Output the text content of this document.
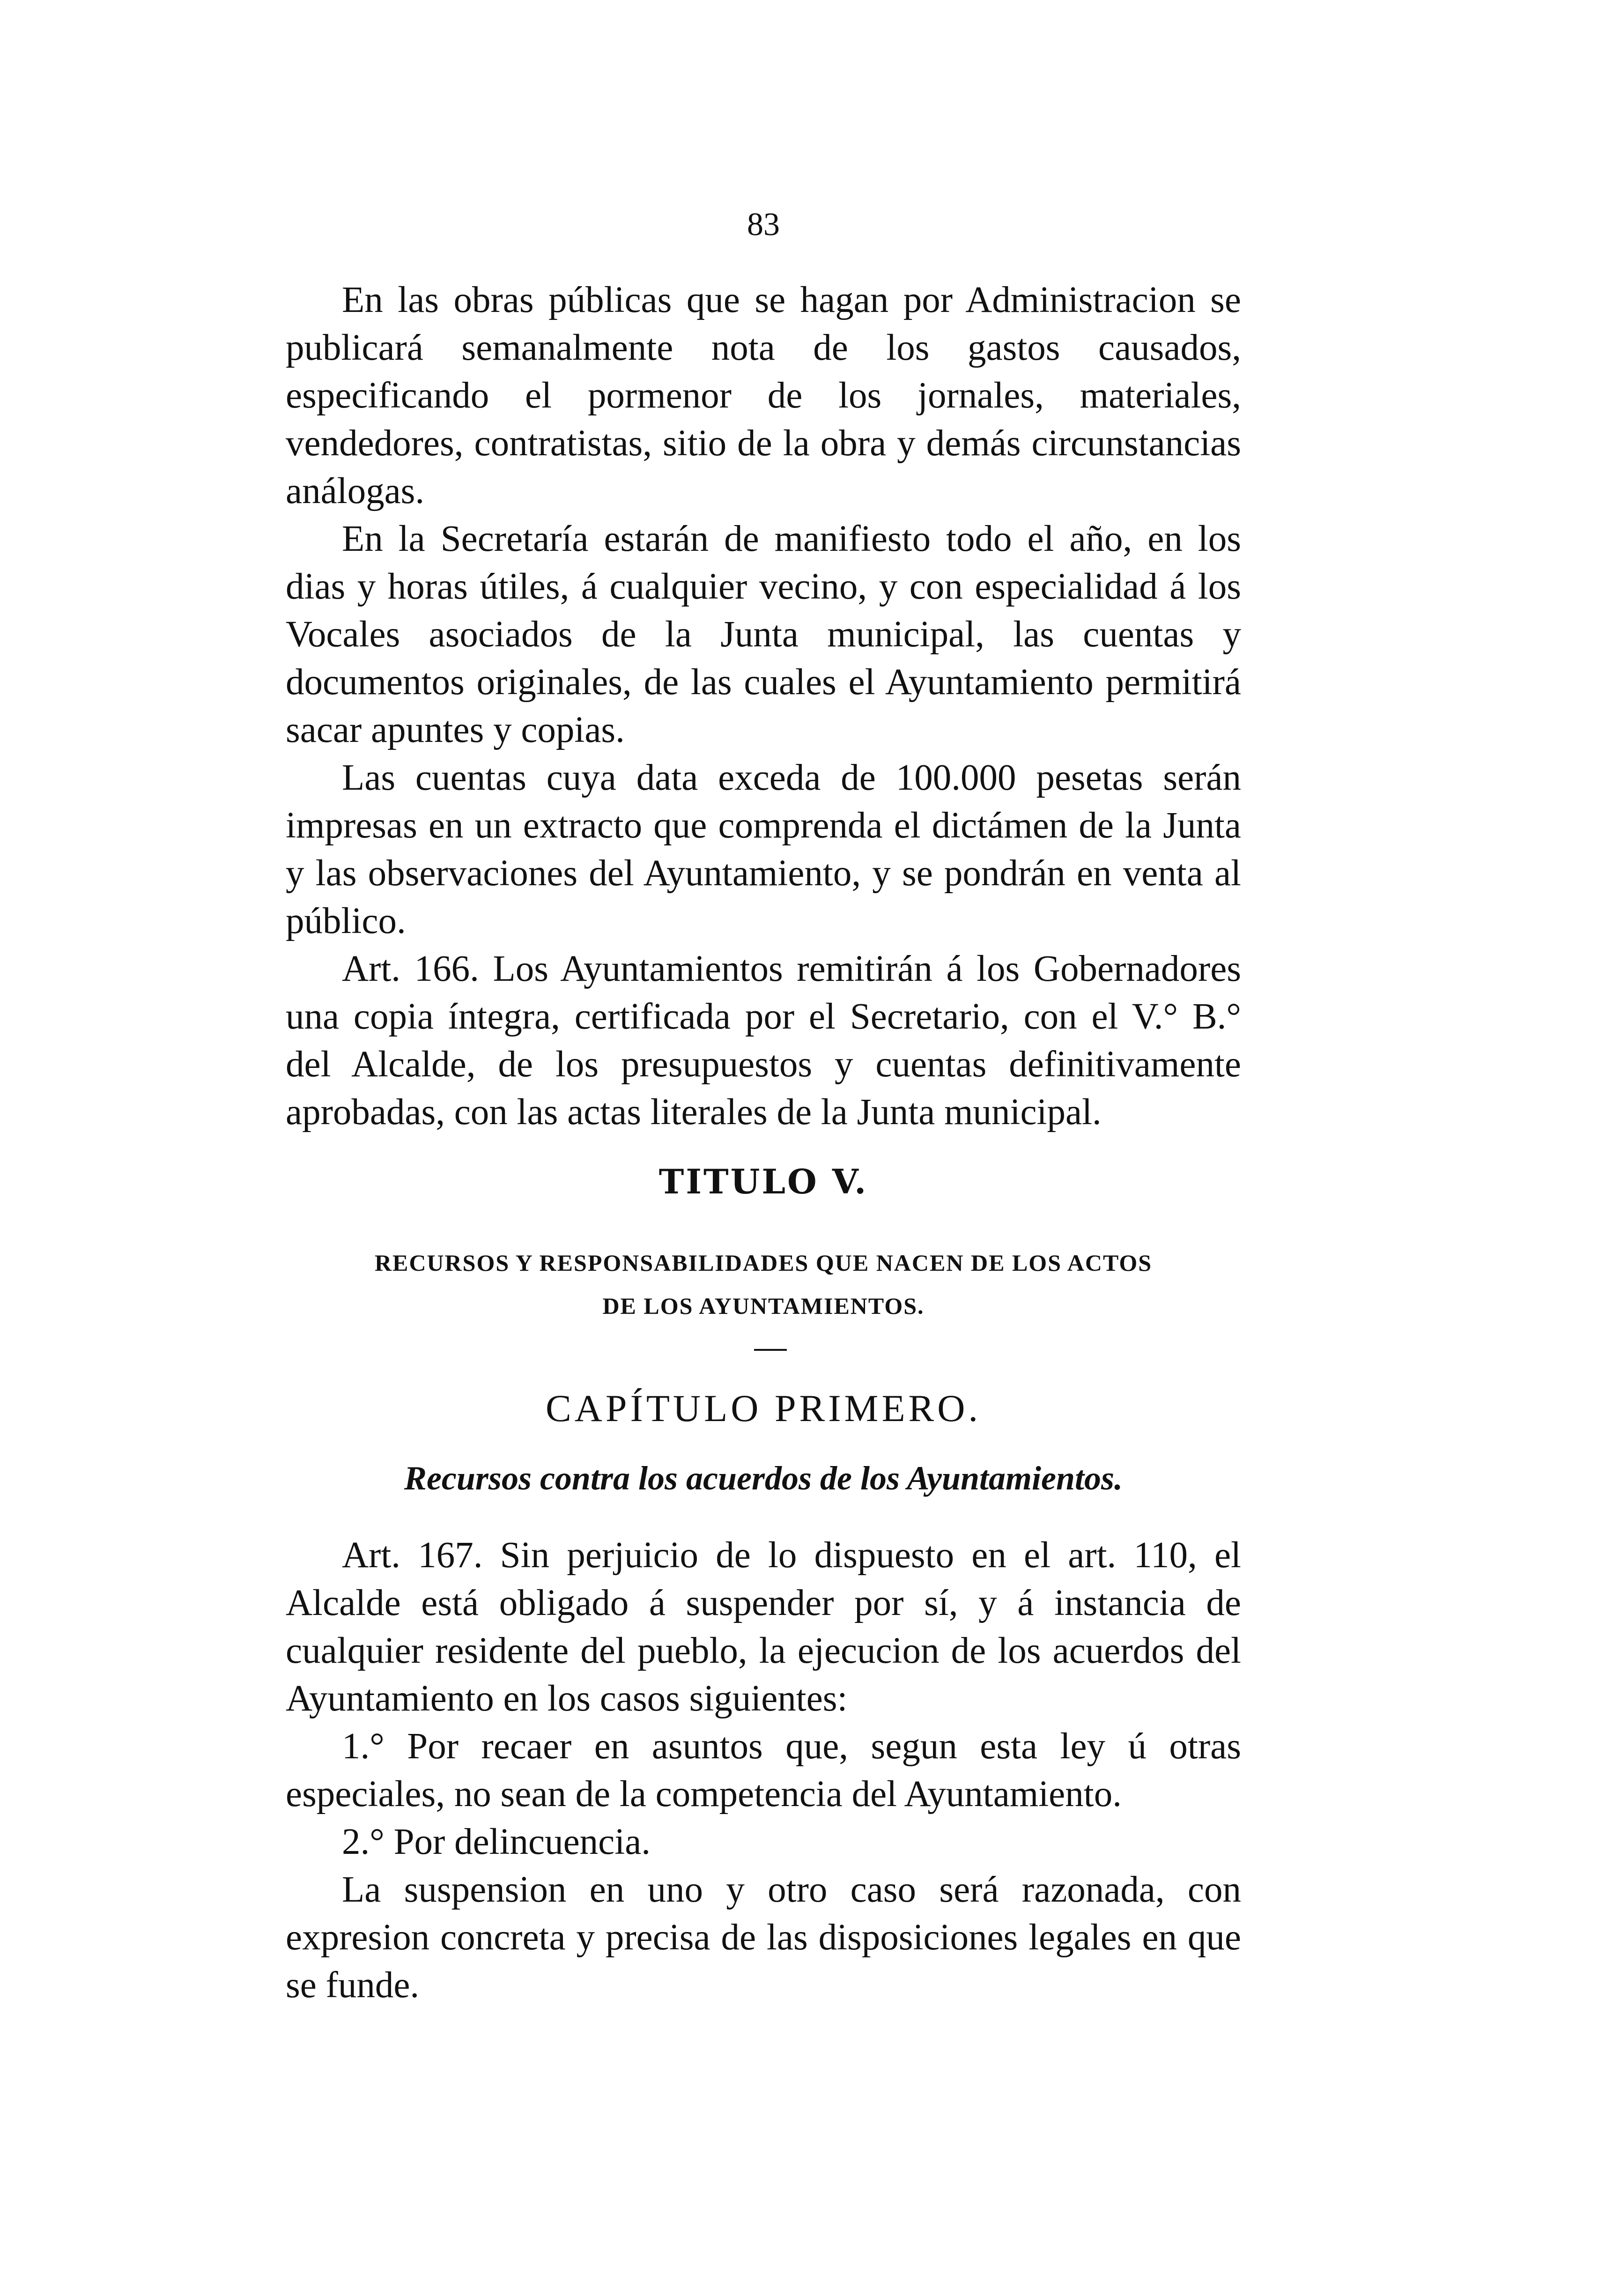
83

En las obras públicas que se hagan por Administracion se publicará semanalmente nota de los gastos causados, especificando el pormenor de los jornales, materiales, vendedores, contratistas, sitio de la obra y demás circunstancias análogas.

En la Secretaría estarán de manifiesto todo el año, en los dias y horas útiles, á cualquier vecino, y con especialidad á los Vocales asociados de la Junta municipal, las cuentas y documentos originales, de las cuales el Ayuntamiento permitirá sacar apuntes y copias.

Las cuentas cuya data exceda de 100.000 pesetas serán impresas en un extracto que comprenda el dictámen de la Junta y las observaciones del Ayuntamiento, y se pondrán en venta al público.

Art. 166. Los Ayuntamientos remitirán á los Gobernadores una copia íntegra, certificada por el Secretario, con el V.° B.° del Alcalde, de los presupuestos y cuentas definitivamente aprobadas, con las actas literales de la Junta municipal.

TITULO V.
RECURSOS Y RESPONSABILIDADES QUE NACEN DE LOS ACTOS
DE LOS AYUNTAMIENTOS.
CAPÍTULO PRIMERO.
Recursos contra los acuerdos de los Ayuntamientos.

Art. 167. Sin perjuicio de lo dispuesto en el art. 110, el Alcalde está obligado á suspender por sí, y á instancia de cualquier residente del pueblo, la ejecucion de los acuerdos del Ayuntamiento en los casos siguientes:

1.° Por recaer en asuntos que, segun esta ley ú otras especiales, no sean de la competencia del Ayuntamiento.

2.° Por delincuencia.

La suspension en uno y otro caso será razonada, con expresion concreta y precisa de las disposiciones legales en que se funde.
